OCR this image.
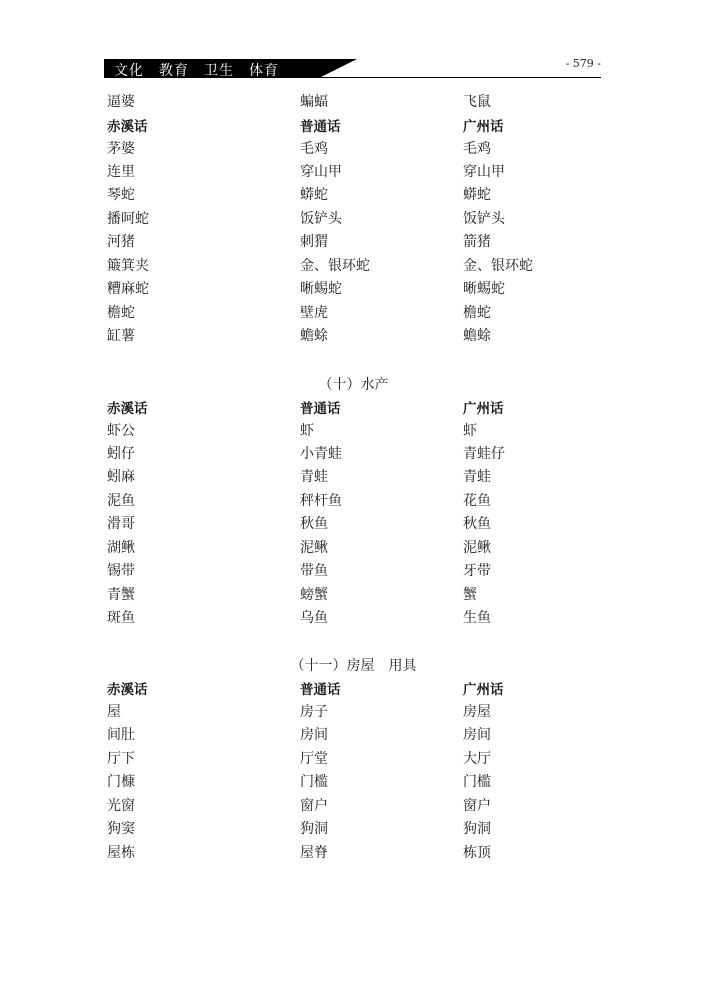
文化　教育　卫生　体育	- 579 -
逼婆	蝙蝠	飞鼠
赤溪话	普通话	广州话
茅婆	毛鸡	毛鸡
连里	穿山甲	穿山甲
琴蛇	蟒蛇	蟒蛇
播呵蛇	饭铲头	饭铲头
河猪	刺猬	箭猪
簸箕夹	金、银环蛇	金、银环蛇
糟麻蛇	晰蜴蛇	晰蜴蛇
檐蛇	壁虎	檐蛇
缸薯	蟾蜍	蟾蜍
（十）水产
赤溪话	普通话	广州话
虾公	虾	虾
蚓仔	小青蛙	青蛙仔
蚓麻	青蛙	青蛙
泥鱼	秤杆鱼	花鱼
滑哥	秋鱼	秋鱼
湖鳅	泥鳅	泥鳅
锡带	带鱼	牙带
青蟹	螃蟹	蟹
斑鱼	乌鱼	生鱼
（十一）房屋　用具
赤溪话	普通话	广州话
屋	房子	房屋
间肚	房间	房间
厅下	厅堂	大厅
门槺	门槛	门槛
光窗	窗户	窗户
狗窦	狗洞	狗洞
屋栋	屋脊	栋顶
